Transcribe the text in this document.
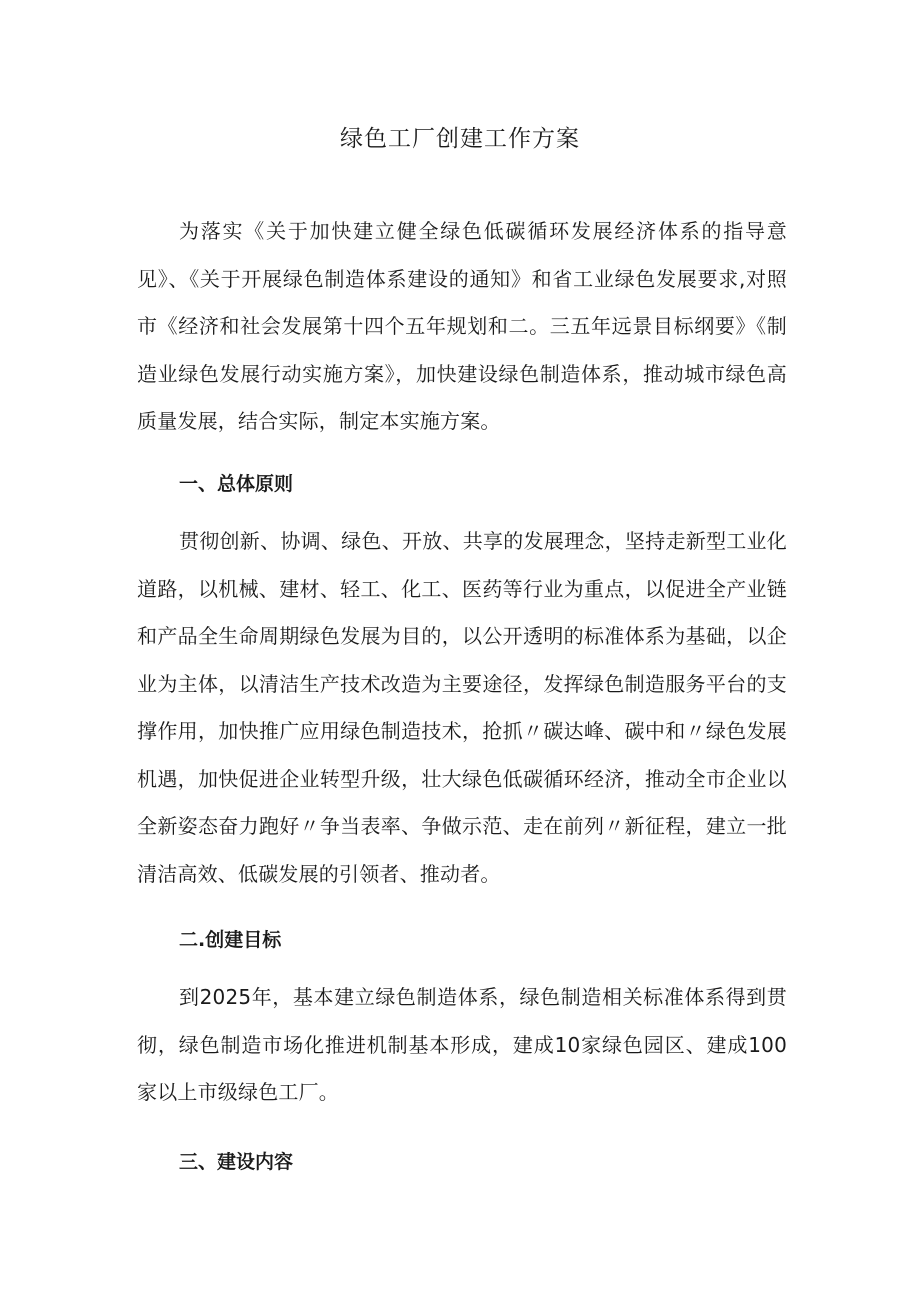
绿色工厂创建工作方案

为落实《关于加快建立健全绿色低碳循环发展经济体系的指导意见》、《关于开展绿色制造体系建设的通知》和省工业绿色发展要求,对照市《经济和社会发展第十四个五年规划和二。三五年远景目标纲要》《制造业绿色发展行动实施方案》，加快建设绿色制造体系，推动城市绿色高质量发展，结合实际，制定本实施方案。

一、总体原则

贯彻创新、协调、绿色、开放、共享的发展理念，坚持走新型工业化道路，以机械、建材、轻工、化工、医药等行业为重点，以促进全产业链和产品全生命周期绿色发展为目的，以公开透明的标准体系为基础，以企业为主体，以清洁生产技术改造为主要途径，发挥绿色制造服务平台的支撑作用，加快推广应用绿色制造技术，抢抓〃碳达峰、碳中和〃绿色发展机遇，加快促进企业转型升级，壮大绿色低碳循环经济，推动全市企业以全新姿态奋力跑好〃争当表率、争做示范、走在前列〃新征程，建立一批清洁高效、低碳发展的引领者、推动者。

二.创建目标

到2025年，基本建立绿色制造体系，绿色制造相关标准体系得到贯彻，绿色制造市场化推进机制基本形成，建成10家绿色园区、建成100家以上市级绿色工厂。

三、建设内容
